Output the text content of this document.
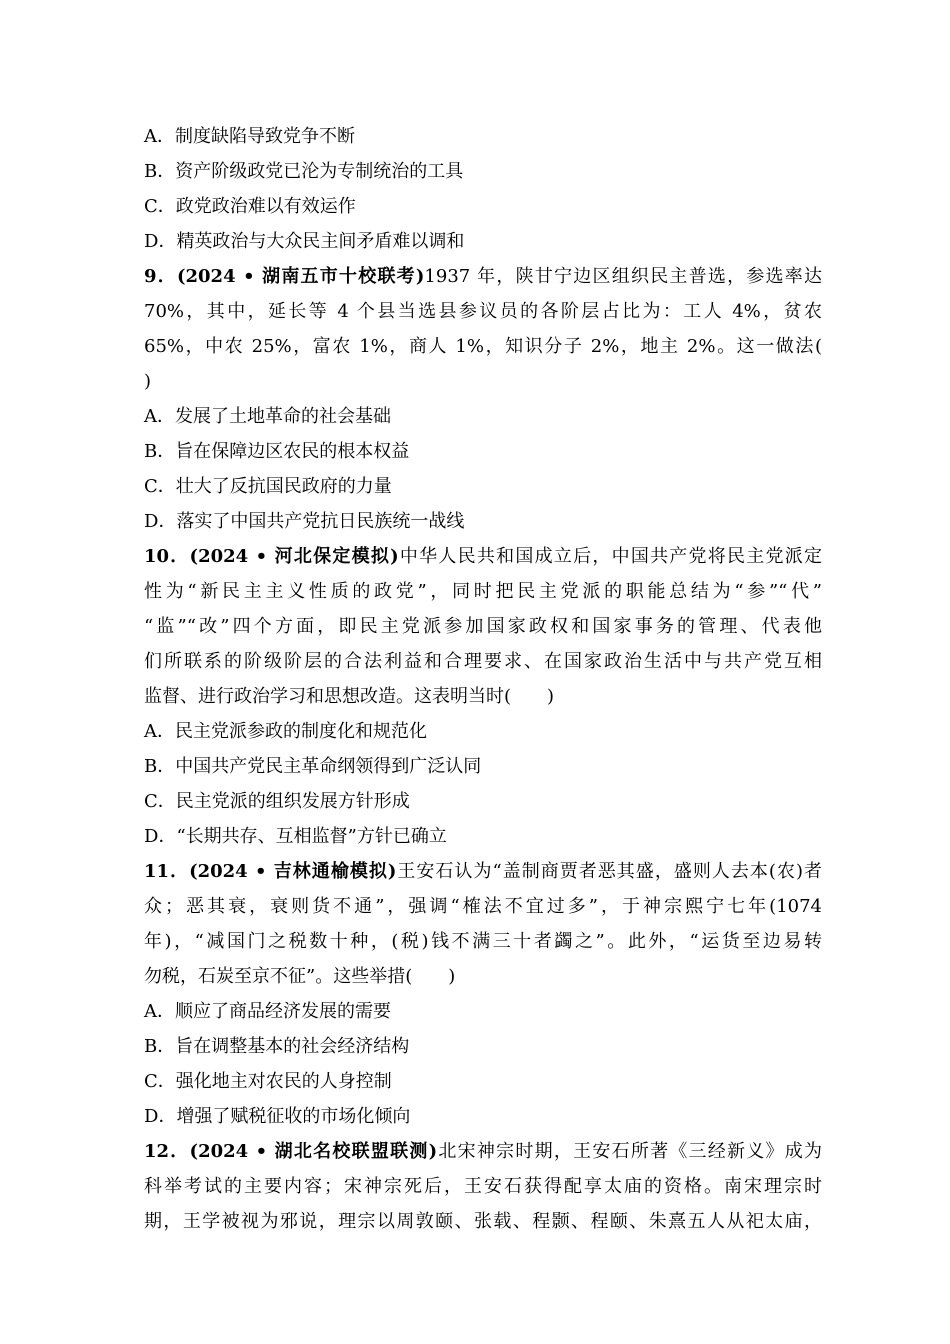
A．制度缺陷导致党争不断
B．资产阶级政党已沦为专制统治的工具
C．政党政治难以有效运作
D．精英政治与大众民主间矛盾难以调和
9．(2024 • 湖南五市十校联考)1937 年，陕甘宁边区组织民主普选，参选率达
70%，其中，延长等 4 个县当选县参议员的各阶层占比为：工人 4%，贫农
65%，中农 25%，富农 1%，商人 1%，知识分子 2%，地主 2%。这一做法(
)
A．发展了土地革命的社会基础
B．旨在保障边区农民的根本权益
C．壮大了反抗国民政府的力量
D．落实了中国共产党抗日民族统一战线
10．(2024 • 河北保定模拟)中华人民共和国成立后，中国共产党将民主党派定
性为“新民主主义性质的政党”，同时把民主党派的职能总结为“参”“代”
“监”“改”四个方面，即民主党派参加国家政权和国家事务的管理、代表他
们所联系的阶级阶层的合法利益和合理要求、在国家政治生活中与共产党互相
监督、进行政治学习和思想改造。这表明当时(　　)
A．民主党派参政的制度化和规范化
B．中国共产党民主革命纲领得到广泛认同
C．民主党派的组织发展方针形成
D．“长期共存、互相监督”方针已确立
11．(2024 • 吉林通榆模拟)王安石认为“盖制商贾者恶其盛，盛则人去本(农)者
众；恶其衰，衰则货不通”，强调“榷法不宜过多”，于神宗熙宁七年(1074
年)，“减国门之税数十种，(税)钱不满三十者蠲之”。此外，“运货至边易转
勿税，石炭至京不征”。这些举措(　　)
A．顺应了商品经济发展的需要
B．旨在调整基本的社会经济结构
C．强化地主对农民的人身控制
D．增强了赋税征收的市场化倾向
12．(2024 • 湖北名校联盟联测)北宋神宗时期，王安石所著《三经新义》成为
科举考试的主要内容；宋神宗死后，王安石获得配享太庙的资格。南宋理宗时
期，王学被视为邪说，理宗以周敦颐、张载、程颢、程颐、朱熹五人从祀太庙，
